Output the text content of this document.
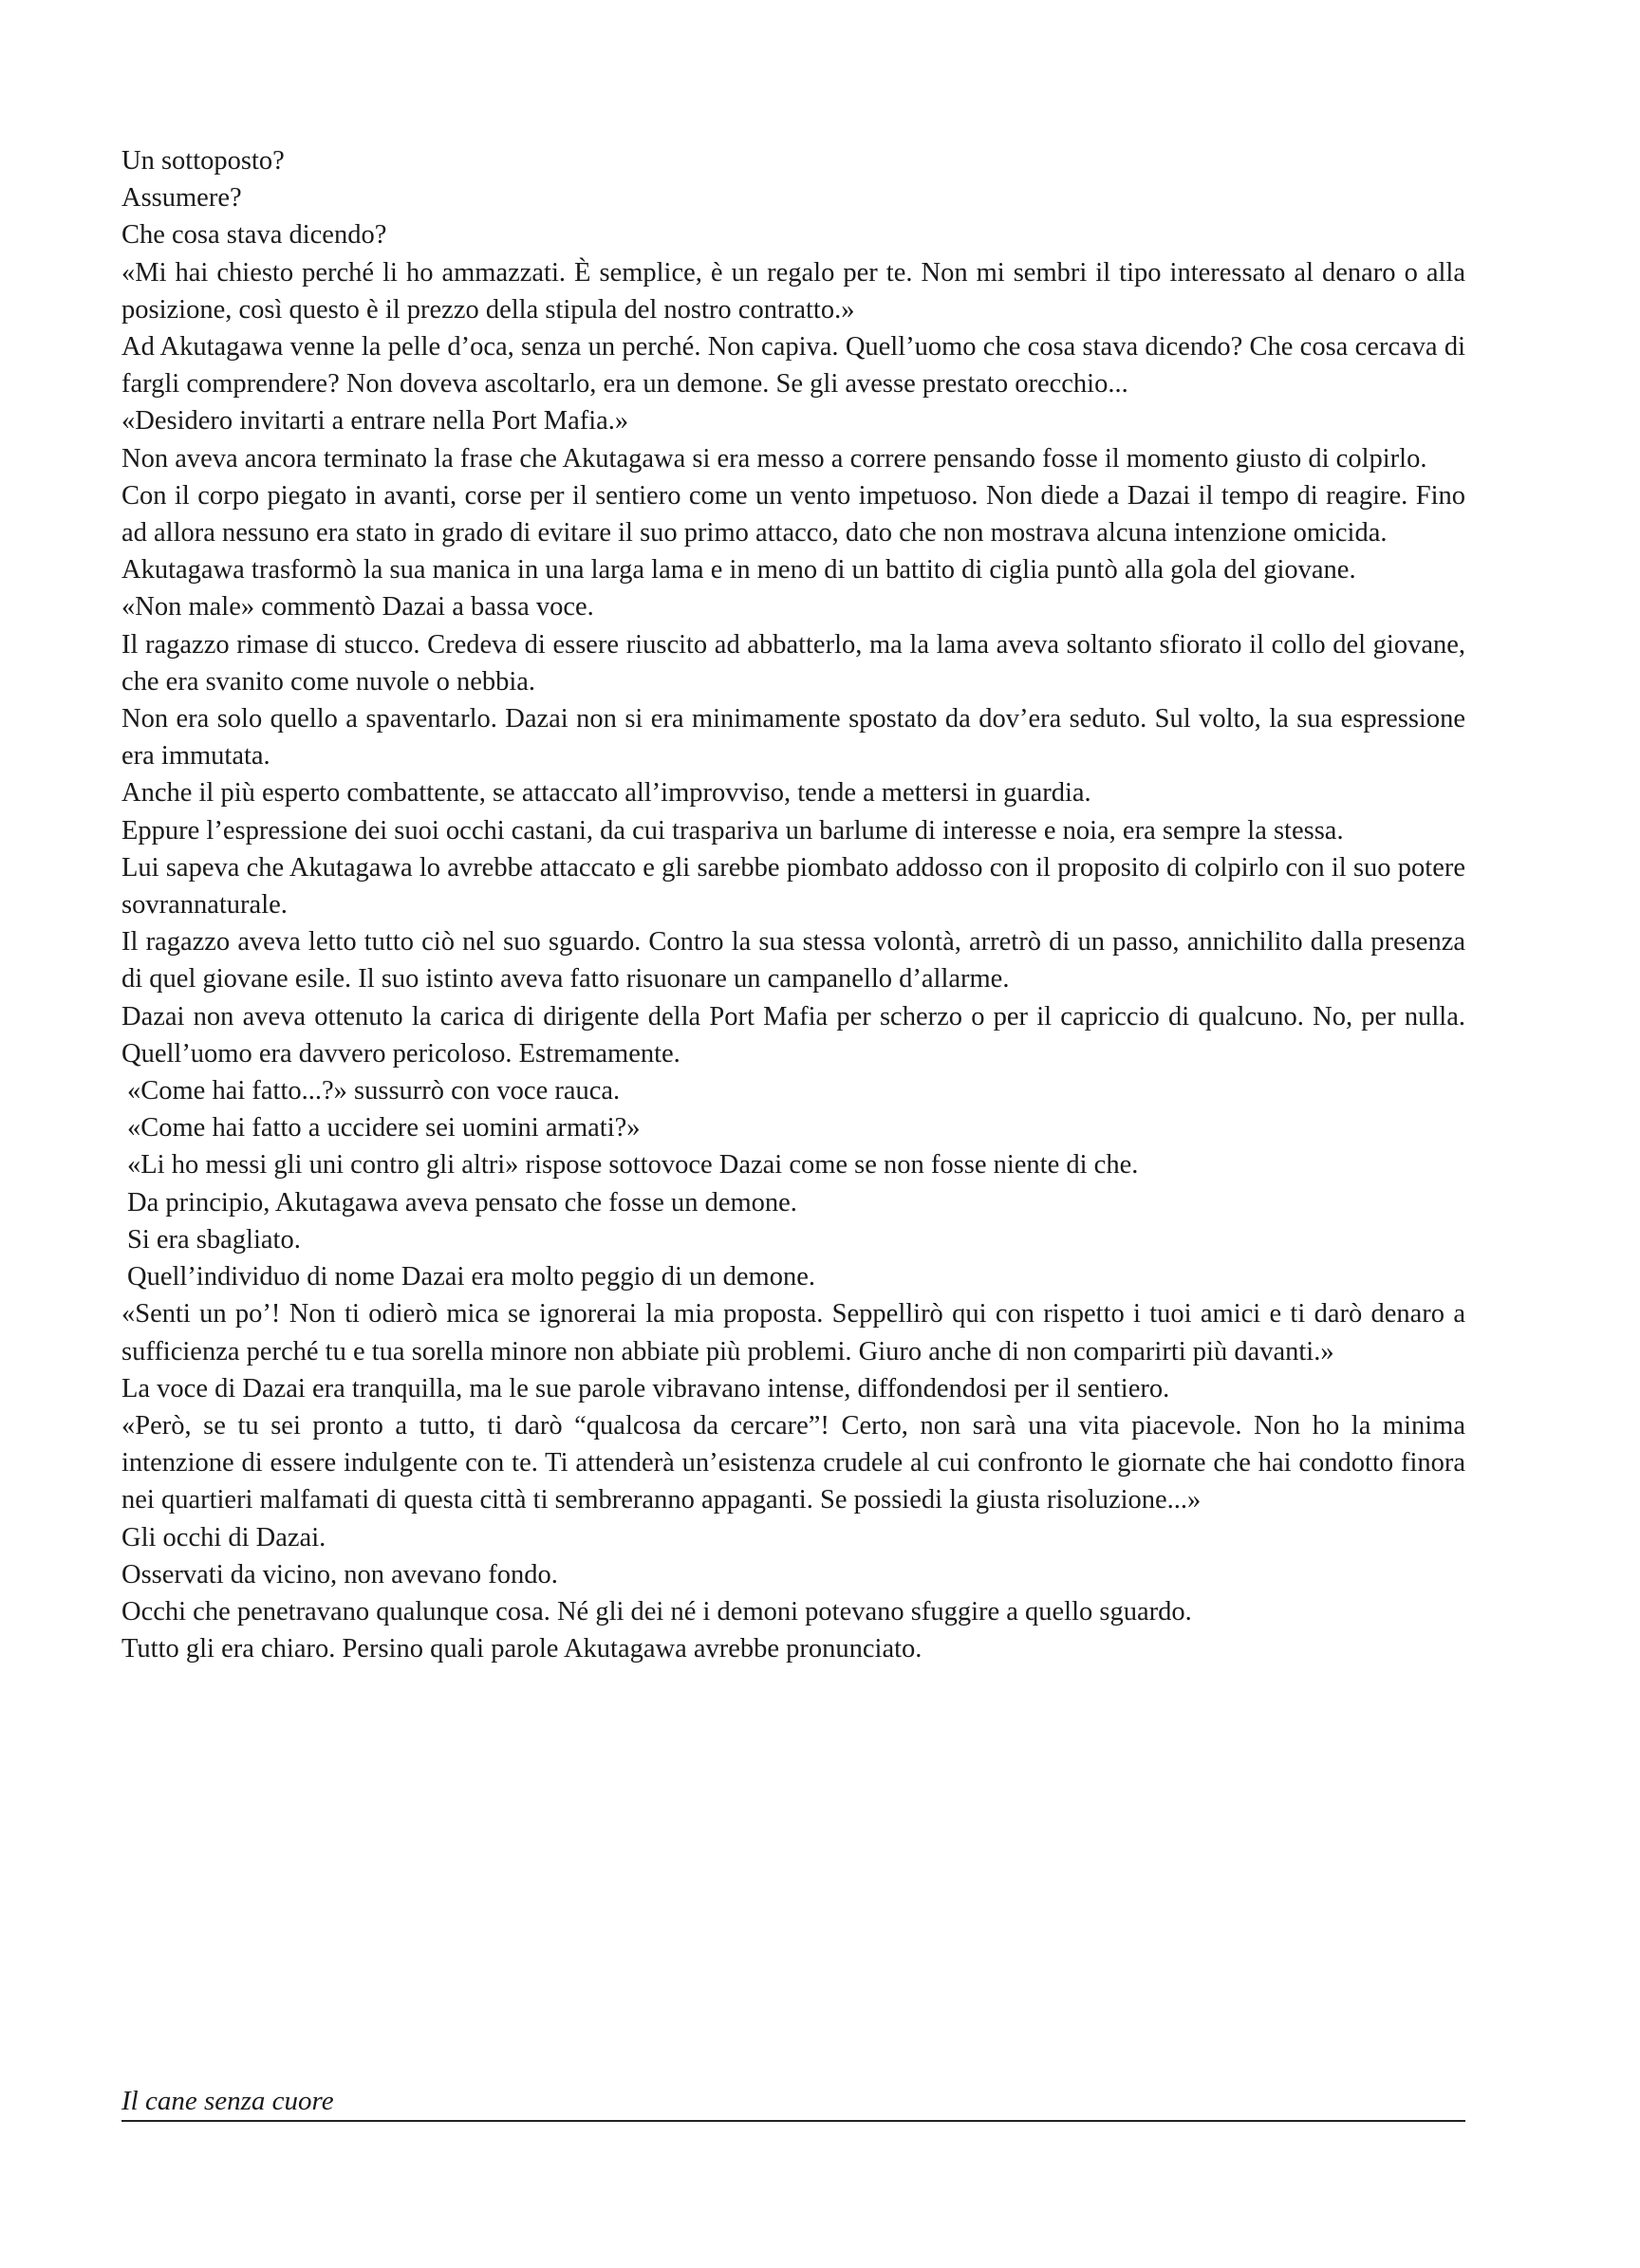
Un sottoposto?

Assumere?

Che cosa stava dicendo?

«Mi hai chiesto perché li ho ammazzati. È semplice, è un regalo per te. Non mi sembri il tipo interessato al denaro o alla posizione, così questo è il prezzo della stipula del nostro contratto.»

Ad Akutagawa venne la pelle d’oca, senza un perché. Non capiva. Quell’uomo che cosa stava dicendo? Che cosa cercava di fargli comprendere? Non doveva ascoltarlo, era un demone. Se gli avesse prestato orecchio...

«Desidero invitarti a entrare nella Port Mafia.»

Non aveva ancora terminato la frase che Akutagawa si era messo a correre pensando fosse il momento giusto di colpirlo.

Con il corpo piegato in avanti, corse per il sentiero come un vento impetuoso. Non diede a Dazai il tempo di reagire. Fino ad allora nessuno era stato in grado di evitare il suo primo attacco, dato che non mostrava alcuna intenzione omicida.

Akutagawa trasformò la sua manica in una larga lama e in meno di un battito di ciglia puntò alla gola del giovane.

«Non male» commentò Dazai a bassa voce.

Il ragazzo rimase di stucco. Credeva di essere riuscito ad abbatterlo, ma la lama aveva soltanto sfiorato il collo del giovane, che era svanito come nuvole o nebbia.

Non era solo quello a spaventarlo. Dazai non si era minimamente spostato da dov’era seduto. Sul volto, la sua espressione era immutata.

Anche il più esperto combattente, se attaccato all’improvviso, tende a mettersi in guardia.

Eppure l’espressione dei suoi occhi castani, da cui traspariva un barlume di interesse e noia, era sempre la stessa.

Lui sapeva che Akutagawa lo avrebbe attaccato e gli sarebbe piombato addosso con il proposito di colpirlo con il suo potere sovrannaturale.

Il ragazzo aveva letto tutto ciò nel suo sguardo. Contro la sua stessa volontà, arretrò di un passo, annichilito dalla presenza di quel giovane esile. Il suo istinto aveva fatto risuonare un campanello d’allarme.

Dazai non aveva ottenuto la carica di dirigente della Port Mafia per scherzo o per il capriccio di qualcuno. No, per nulla. Quell’uomo era davvero pericoloso. Estremamente.

«Come hai fatto...?» sussurrò con voce rauca.

«Come hai fatto a uccidere sei uomini armati?»

«Li ho messi gli uni contro gli altri» rispose sottovoce Dazai come se non fosse niente di che.

Da principio, Akutagawa aveva pensato che fosse un demone.

Si era sbagliato.

Quell’individuo di nome Dazai era molto peggio di un demone.

«Senti un po’! Non ti odierò mica se ignorerai la mia proposta. Seppellirò qui con rispetto i tuoi amici e ti darò denaro a sufficienza perché tu e tua sorella minore non abbiate più problemi. Giuro anche di non comparirti più davanti.»

La voce di Dazai era tranquilla, ma le sue parole vibravano intense, diffondendosi per il sentiero.

«Però, se tu sei pronto a tutto, ti darò “qualcosa da cercare”! Certo, non sarà una vita piacevole. Non ho la minima intenzione di essere indulgente con te. Ti attenderà un’esistenza crudele al cui confronto le giornate che hai condotto finora nei quartieri malfamati di questa città ti sembreranno appaganti. Se possiedi la giusta risoluzione...»

Gli occhi di Dazai.

Osservati da vicino, non avevano fondo.

Occhi che penetravano qualunque cosa. Né gli dei né i demoni potevano sfuggire a quello sguardo.

Tutto gli era chiaro. Persino quali parole Akutagawa avrebbe pronunciato.

Il cane senza cuore
